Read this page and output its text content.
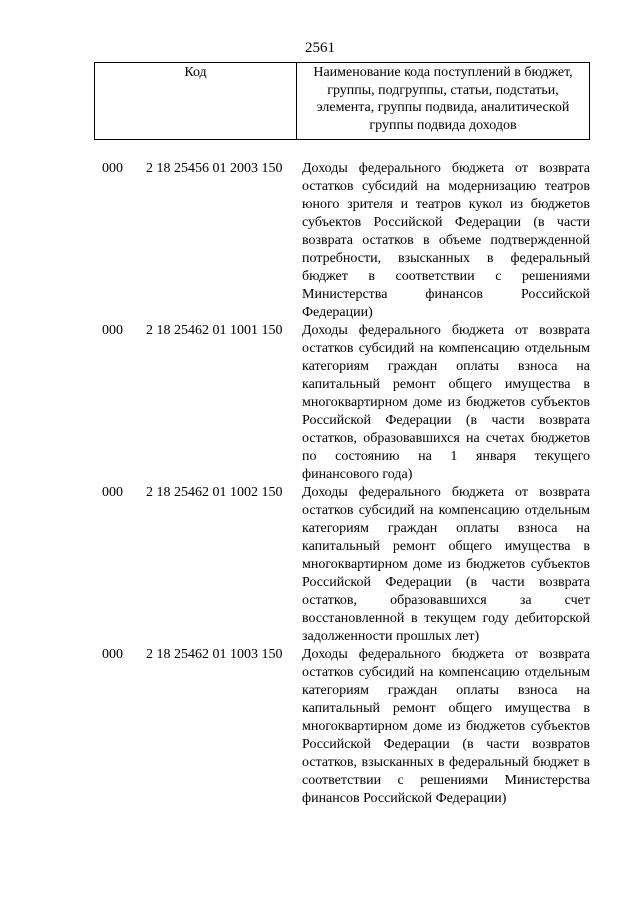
2561
Код	Наименование кода поступлений в бюджет, группы, подгруппы, статьи, подстатьи, элемента, группы подвида, аналитической группы подвида доходов
000 2 18 25456 01 2003 150 Доходы федерального бюджета от возврата остатков субсидий на модернизацию театров юного зрителя и театров кукол из бюджетов субъектов Российской Федерации (в части возврата остатков в объеме подтвержденной потребности, взысканных в федеральный бюджет в соответствии с решениями Министерства финансов Российской Федерации)
000 2 18 25462 01 1001 150 Доходы федерального бюджета от возврата остатков субсидий на компенсацию отдельным категориям граждан оплаты взноса на капитальный ремонт общего имущества в многоквартирном доме из бюджетов субъектов Российской Федерации (в части возврата остатков, образовавшихся на счетах бюджетов по состоянию на 1 января текущего финансового года)
000 2 18 25462 01 1002 150 Доходы федерального бюджета от возврата остатков субсидий на компенсацию отдельным категориям граждан оплаты взноса на капитальный ремонт общего имущества в многоквартирном доме из бюджетов субъектов Российской Федерации (в части возврата остатков, образовавшихся за счет восстановленной в текущем году дебиторской задолженности прошлых лет)
000 2 18 25462 01 1003 150 Доходы федерального бюджета от возврата остатков субсидий на компенсацию отдельным категориям граждан оплаты взноса на капитальный ремонт общего имущества в многоквартирном доме из бюджетов субъектов Российской Федерации (в части возвратов остатков, взысканных в федеральный бюджет в соответствии с решениями Министерства финансов Российской Федерации)
